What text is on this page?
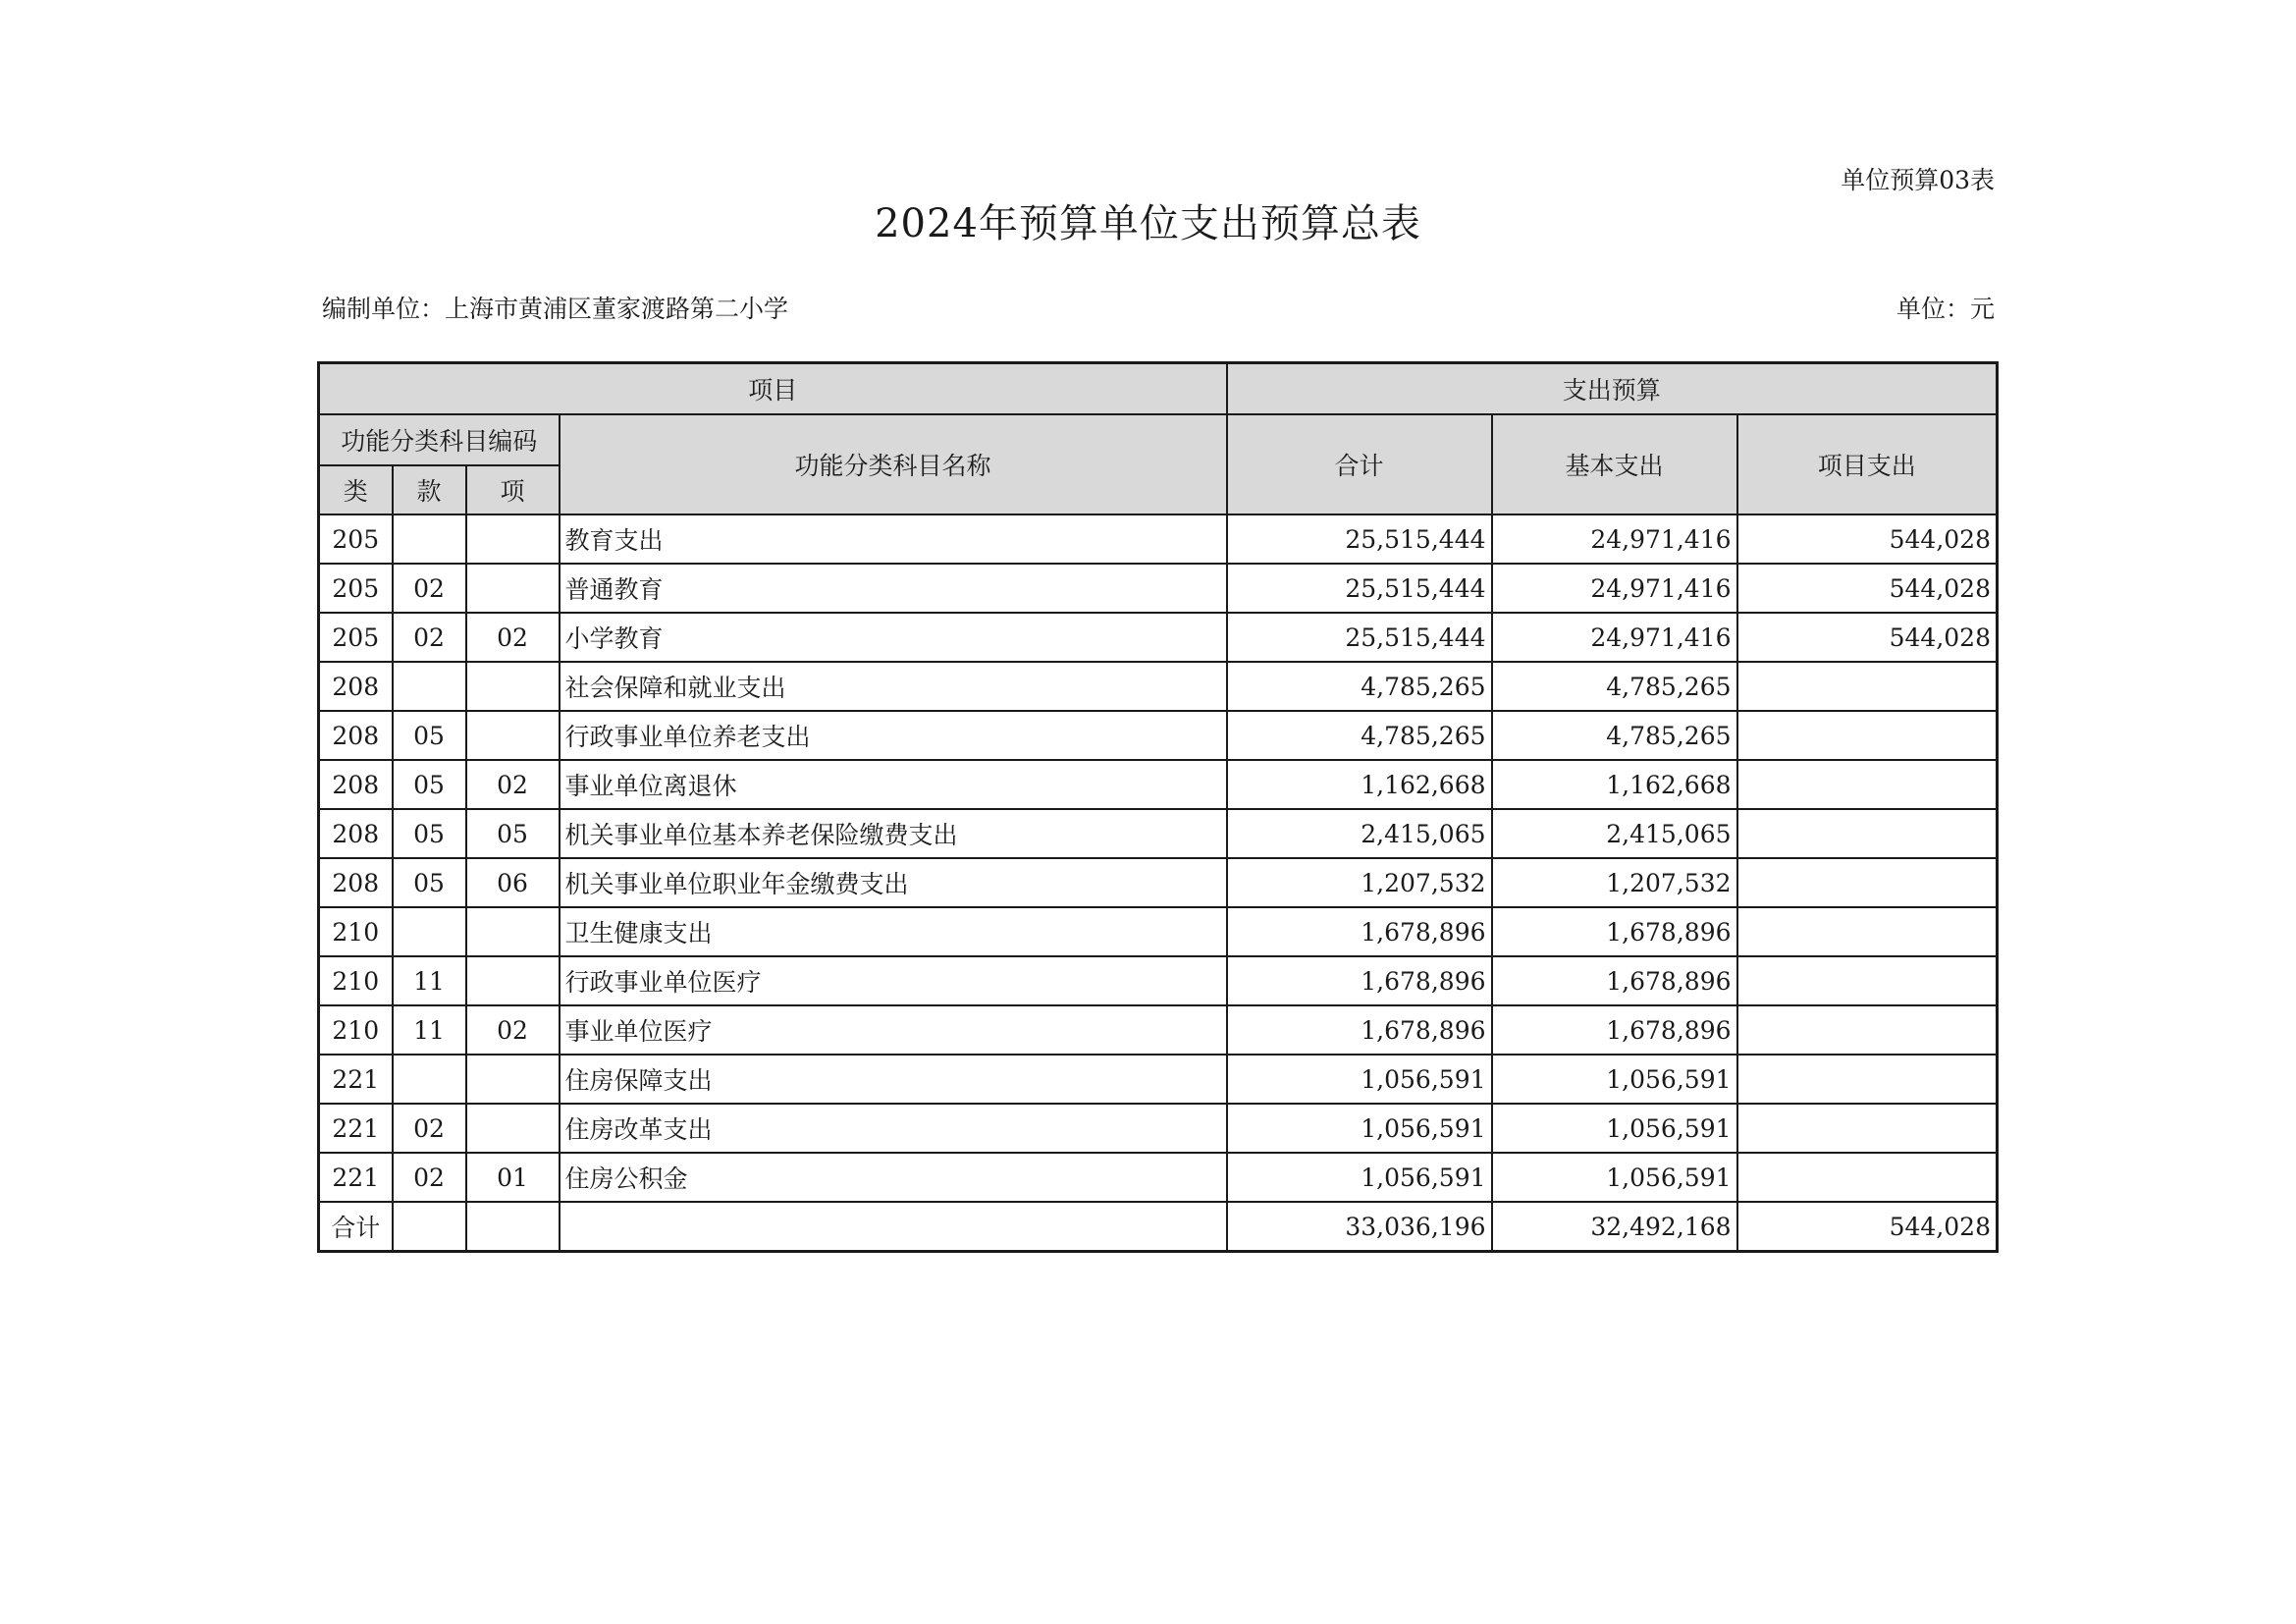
单位预算03表
2024年预算单位支出预算总表
编制单位：上海市黄浦区董家渡路第二小学	单位：元
项目				支出预算		
功能分类科目编码			功能分类科目名称	合计	基本支出	项目支出
类	款	项				
205			教育支出	25,515,444	24,971,416	544,028
205	02		普通教育	25,515,444	24,971,416	544,028
205	02	02	小学教育	25,515,444	24,971,416	544,028
208			社会保障和就业支出	4,785,265	4,785,265	
208	05		行政事业单位养老支出	4,785,265	4,785,265	
208	05	02	事业单位离退休	1,162,668	1,162,668	
208	05	05	机关事业单位基本养老保险缴费支出	2,415,065	2,415,065	
208	05	06	机关事业单位职业年金缴费支出	1,207,532	1,207,532	
210			卫生健康支出	1,678,896	1,678,896	
210	11		行政事业单位医疗	1,678,896	1,678,896	
210	11	02	事业单位医疗	1,678,896	1,678,896	
221			住房保障支出	1,056,591	1,056,591	
221	02		住房改革支出	1,056,591	1,056,591	
221	02	01	住房公积金	1,056,591	1,056,591	
合计				33,036,196	32,492,168	544,028
